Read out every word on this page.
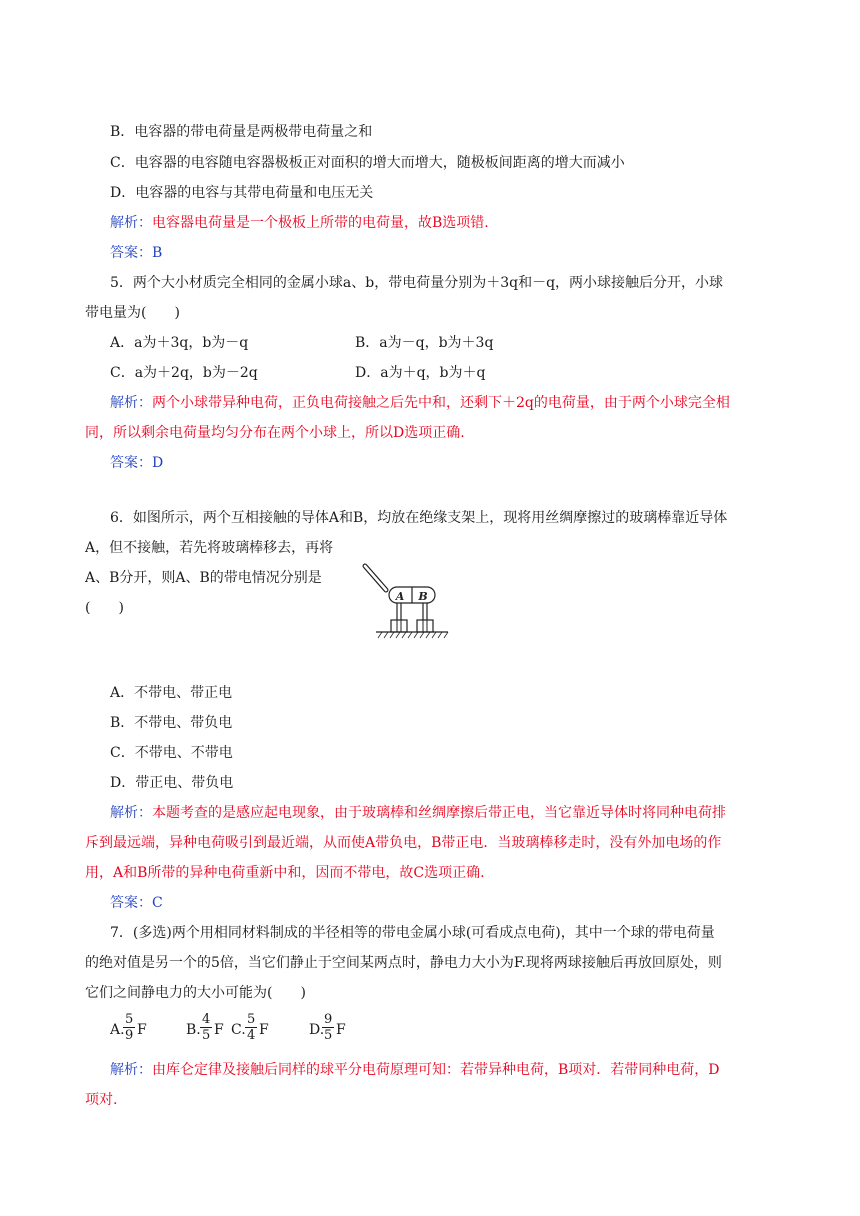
B．电容器的带电荷量是两极带电荷量之和
C．电容器的电容随电容器极板正对面积的增大而增大，随极板间距离的增大而减小
D．电容器的电容与其带电荷量和电压无关
解析：电容器电荷量是一个极板上所带的电荷量，故B选项错.
答案：B
5．两个大小材质完全相同的金属小球a、b，带电荷量分别为＋3q和－q，两小球接触后分开，小球
带电量为(　　)
A．a为＋3q，b为－q	B．a为－q，b为＋3q
C．a为＋2q，b为－2q	D．a为＋q，b为＋q
解析：两个小球带异种电荷，正负电荷接触之后先中和，还剩下＋2q的电荷量，由于两个小球完全相
同，所以剩余电荷量均匀分布在两个小球上，所以D选项正确.
答案：D
6．如图所示，两个互相接触的导体A和B，均放在绝缘支架上，现将用丝绸摩擦过的玻璃棒靠近导体
A，但不接触，若先将玻璃棒移去，再将
A、B分开，则A、B的带电情况分别是
(　　)
A B
A．不带电、带正电
B．不带电、带负电
C．不带电、不带电
D．带正电、带负电
解析：本题考查的是感应起电现象，由于玻璃棒和丝绸摩擦后带正电，当它靠近导体时将同种电荷排
斥到最远端，异种电荷吸引到最近端，从而使A带负电，B带正电．当玻璃棒移走时，没有外加电场的作
用，A和B所带的异种电荷重新中和，因而不带电，故C选项正确.
答案：C
7．(多选)两个用相同材料制成的半径相等的带电金属小球(可看成点电荷)，其中一个球的带电荷量
的绝对值是另一个的5倍，当它们静止于空间某两点时，静电力大小为F.现将两球接触后再放回原处，则
它们之间静电力的大小可能为(　　)
A.
$\frac{5}{9}$ F	B. $\frac{4}{5}$ F C. $\frac{5}{4}$ F	D.
$\frac{9}{5}$ F
解析：由库仑定律及接触后同样的球平分电荷原理可知：若带异种电荷，B项对．若带同种电荷，D
项对.
